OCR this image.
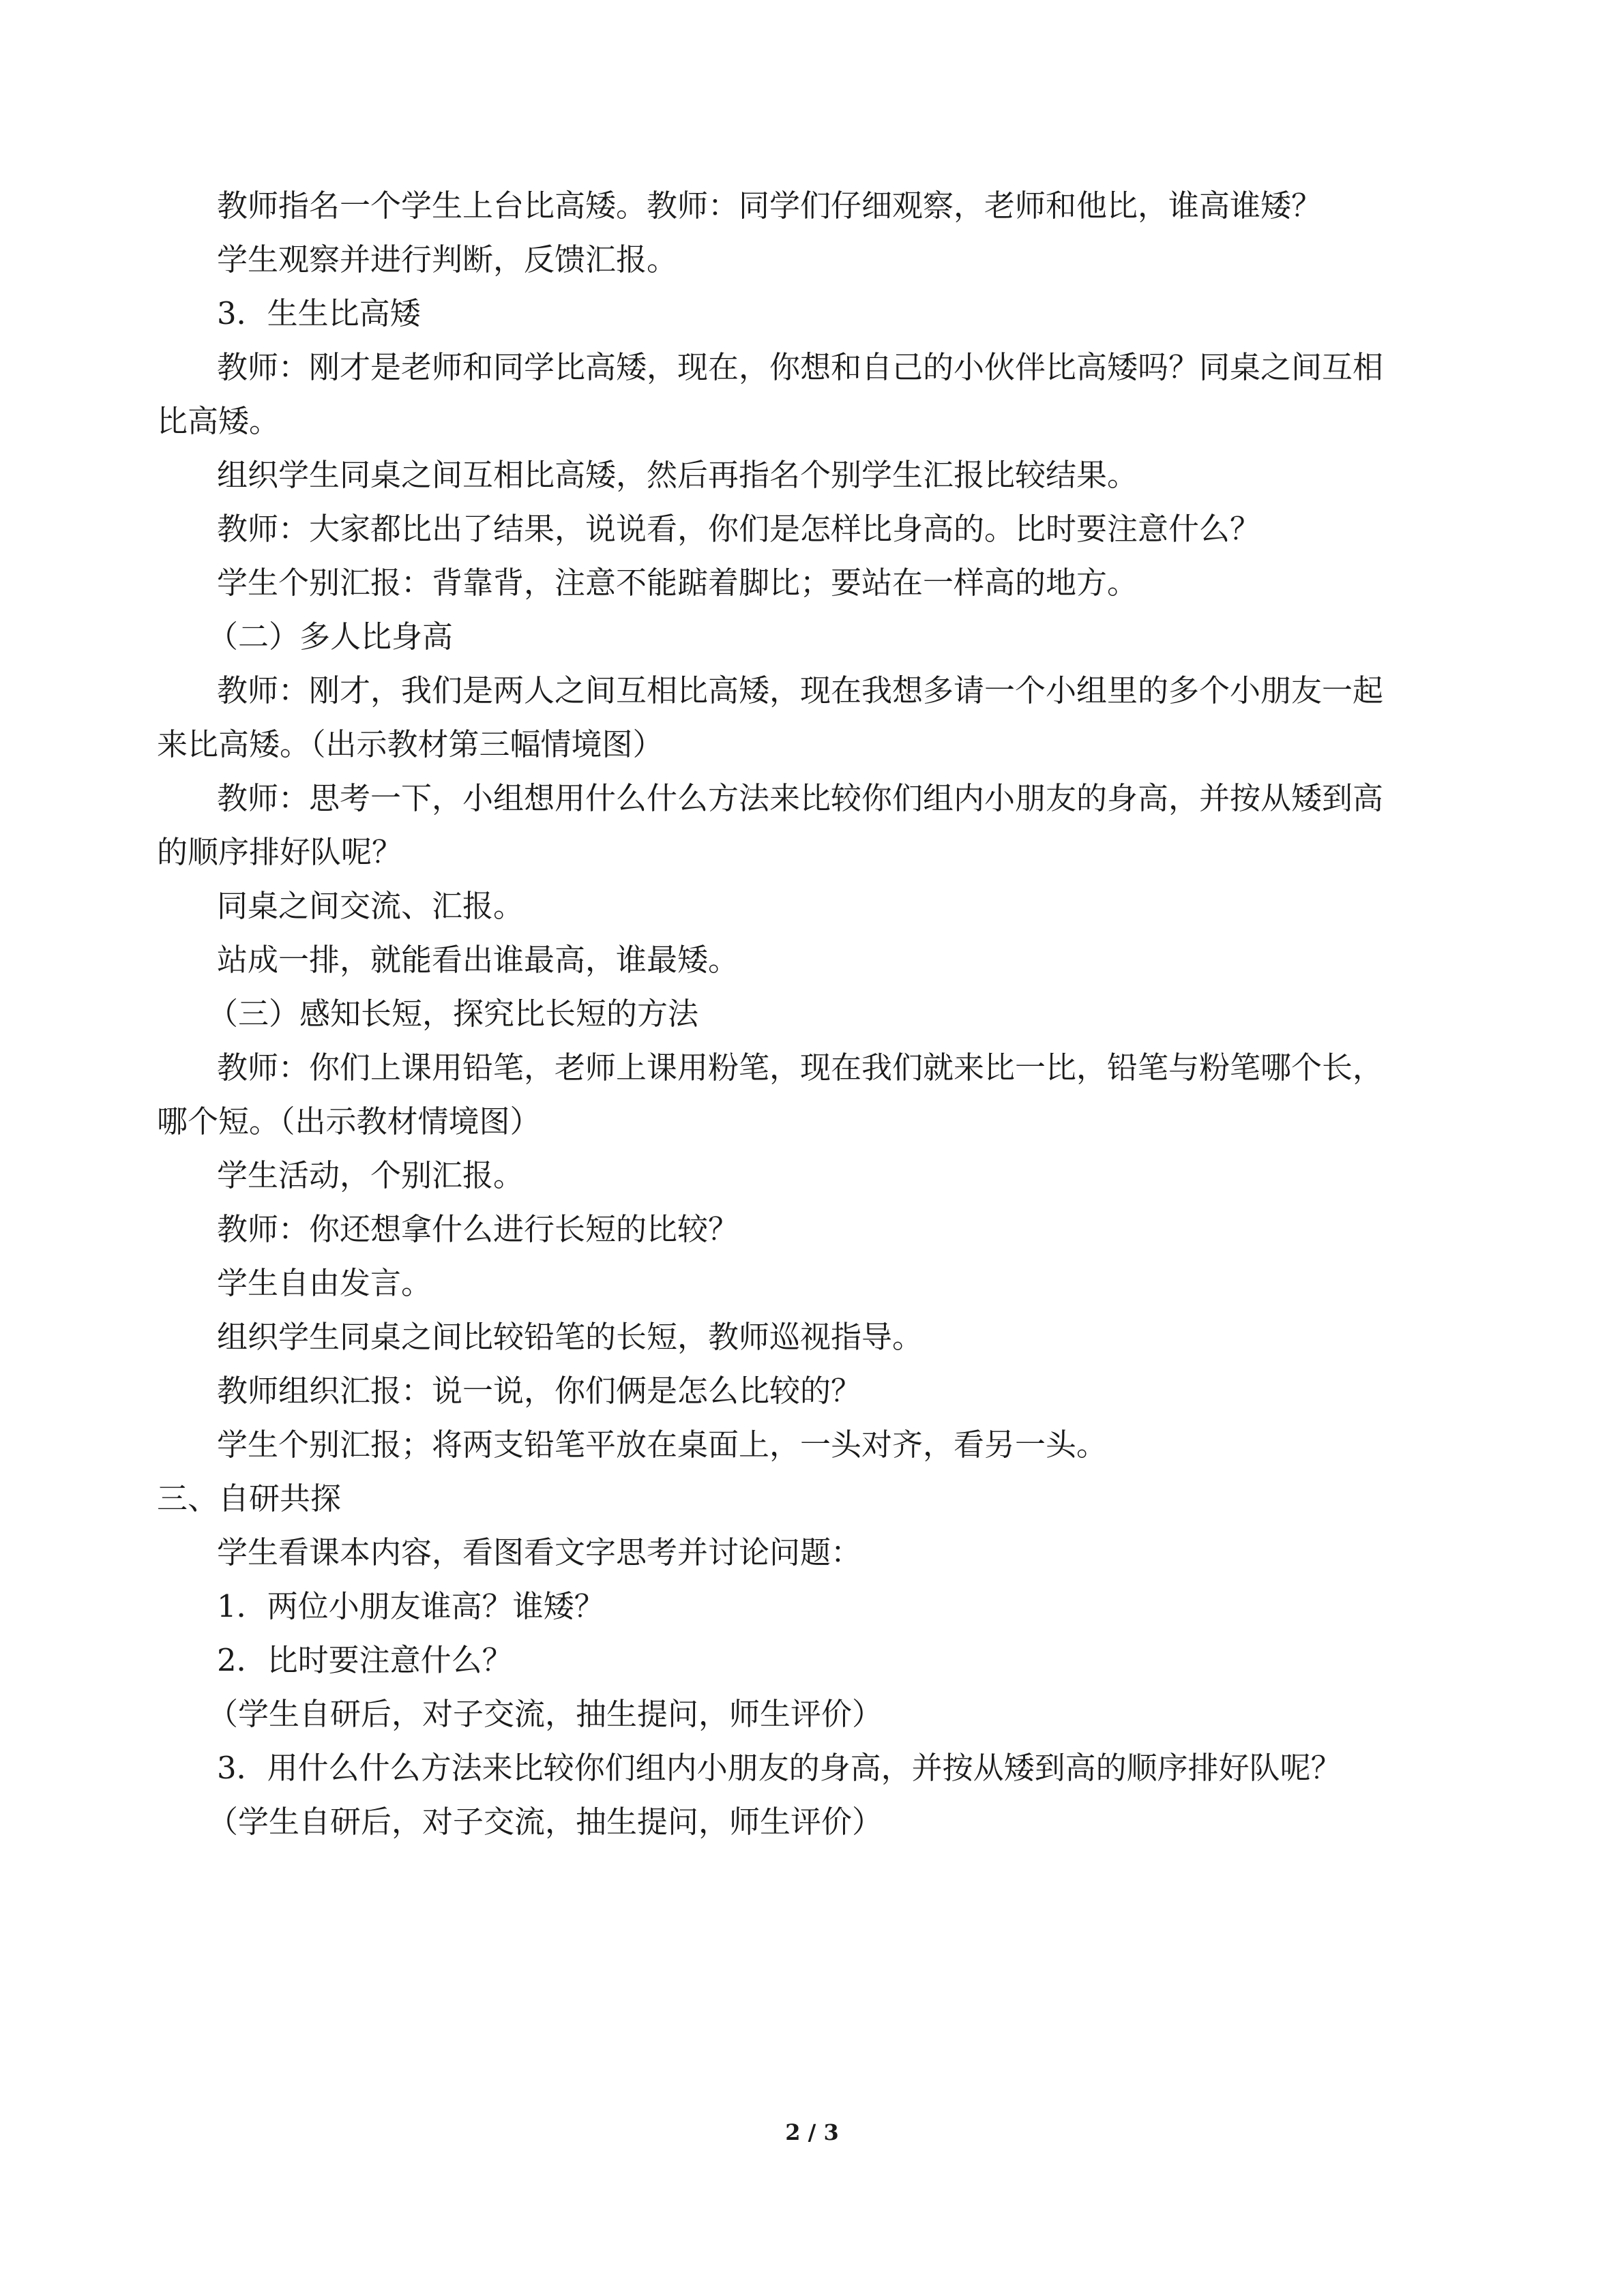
教师指名一个学生上台比高矮。教师：同学们仔细观察，老师和他比，谁高谁矮？
学生观察并进行判断，反馈汇报。
3．生生比高矮
教师：刚才是老师和同学比高矮，现在，你想和自己的小伙伴比高矮吗？同桌之间互相
比高矮。
组织学生同桌之间互相比高矮，然后再指名个别学生汇报比较结果。
教师：大家都比出了结果，说说看，你们是怎样比身高的。比时要注意什么？
学生个别汇报：背靠背，注意不能踮着脚比；要站在一样高的地方。
（二）多人比身高
教师：刚才，我们是两人之间互相比高矮，现在我想多请一个小组里的多个小朋友一起
来比高矮。（出示教材第三幅情境图）
教师：思考一下，小组想用什么什么方法来比较你们组内小朋友的身高，并按从矮到高
的顺序排好队呢？
同桌之间交流、汇报。
站成一排，就能看出谁最高，谁最矮。
（三）感知长短，探究比长短的方法
教师：你们上课用铅笔，老师上课用粉笔，现在我们就来比一比，铅笔与粉笔哪个长，
哪个短。（出示教材情境图）
学生活动，个别汇报。
教师：你还想拿什么进行长短的比较？
学生自由发言。
组织学生同桌之间比较铅笔的长短，教师巡视指导。
教师组织汇报：说一说，你们俩是怎么比较的？
学生个别汇报；将两支铅笔平放在桌面上，一头对齐，看另一头。
三、自研共探
学生看课本内容，看图看文字思考并讨论问题：
1．两位小朋友谁高？谁矮？
2．比时要注意什么？
（学生自研后，对子交流，抽生提问，师生评价）
3．用什么什么方法来比较你们组内小朋友的身高，并按从矮到高的顺序排好队呢？
（学生自研后，对子交流，抽生提问，师生评价）
2 / 3
